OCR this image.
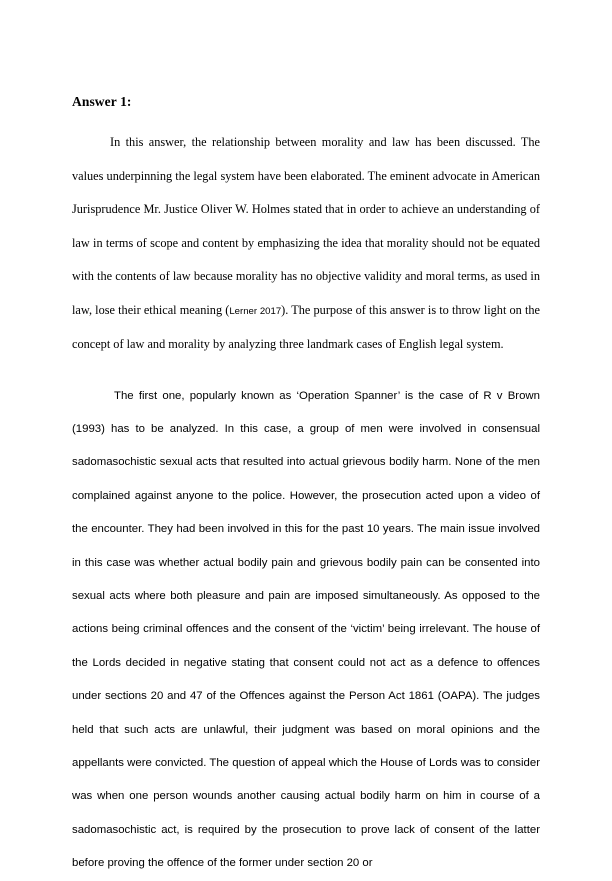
Answer 1:

In this answer, the relationship between morality and law has been discussed. The values underpinning the legal system have been elaborated. The eminent advocate in American Jurisprudence Mr. Justice Oliver W. Holmes stated that in order to achieve an understanding of law in terms of scope and content by emphasizing the idea that morality should not be equated with the contents of law because morality has no objective validity and moral terms, as used in law, lose their ethical meaning (Lerner 2017). The purpose of this answer is to throw light on the concept of law and morality by analyzing three landmark cases of English legal system.

The first one, popularly known as ‘Operation Spanner’ is the case of R v Brown (1993) has to be analyzed. In this case, a group of men were involved in consensual sadomasochistic sexual acts that resulted into actual grievous bodily harm. None of the men complained against anyone to the police. However, the prosecution acted upon a video of the encounter. They had been involved in this for the past 10 years. The main issue involved in this case was whether actual bodily pain and grievous bodily pain can be consented into sexual acts where both pleasure and pain are imposed simultaneously. As opposed to the actions being criminal offences and the consent of the ‘victim’ being irrelevant. The house of the Lords decided in negative stating that consent could not act as a defence to offences under sections 20 and 47 of the Offences against the Person Act 1861 (OAPA). The judges held that such acts are unlawful, their judgment was based on moral opinions and the appellants were convicted. The question of appeal which the House of Lords was to consider was when one person wounds another causing actual bodily harm on him in course of a sadomasochistic act, is required by the prosecution to prove lack of consent of the latter before proving the offence of the former under section 20 or
